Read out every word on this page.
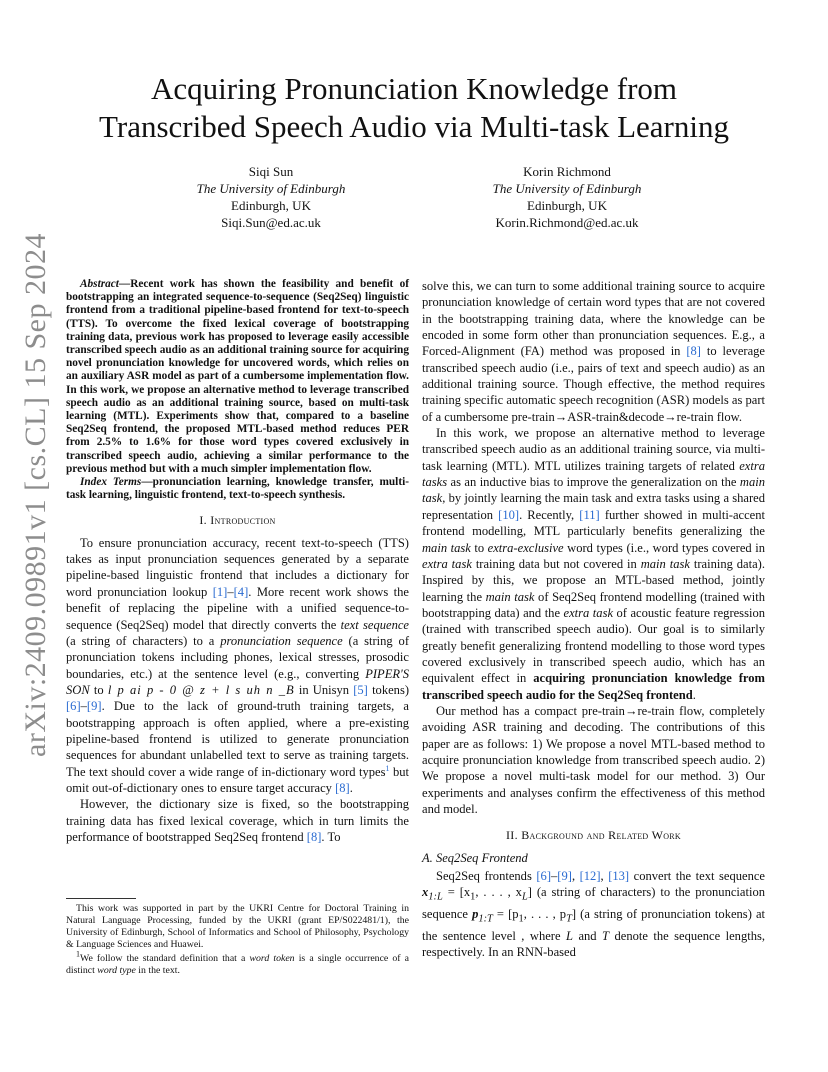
arXiv:2409.09891v1 [cs.CL] 15 Sep 2024
Acquiring Pronunciation Knowledge from
Transcribed Speech Audio via Multi-task Learning
Siqi Sun
The University of Edinburgh
Edinburgh, UK
Siqi.Sun@ed.ac.uk
Korin Richmond
The University of Edinburgh
Edinburgh, UK
Korin.Richmond@ed.ac.uk

Abstract—Recent work has shown the feasibility and benefit of bootstrapping an integrated sequence-to-sequence (Seq2Seq) linguistic frontend from a traditional pipeline-based frontend for text-to-speech (TTS). To overcome the fixed lexical coverage of bootstrapping training data, previous work has proposed to leverage easily accessible transcribed speech audio as an additional training source for acquiring novel pronunciation knowledge for uncovered words, which relies on an auxiliary ASR model as part of a cumbersome implementation flow. In this work, we propose an alternative method to leverage transcribed speech audio as an additional training source, based on multi-task learning (MTL). Experiments show that, compared to a baseline Seq2Seq frontend, the proposed MTL-based method reduces PER from 2.5% to 1.6% for those word types covered exclusively in transcribed speech audio, achieving a similar performance to the previous method but with a much simpler implementation flow.

Index Terms—pronunciation learning, knowledge transfer, multi-task learning, linguistic frontend, text-to-speech synthesis.

I. Introduction

To ensure pronunciation accuracy, recent text-to-speech (TTS) takes as input pronunciation sequences generated by a separate pipeline-based linguistic frontend that includes a dictionary for word pronunciation lookup [1]–[4]. More recent work shows the benefit of replacing the pipeline with a unified sequence-to-sequence (Seq2Seq) model that directly converts the text sequence (a string of characters) to a pronunciation sequence (a string of pronunciation tokens including phones, lexical stresses, prosodic boundaries, etc.) at the sentence level (e.g., converting PIPER'S SON to l p ai p - 0 @ z + l s uh n _B in Unisyn [5] tokens) [6]–[9]. Due to the lack of ground-truth training targets, a bootstrapping approach is often applied, where a pre-existing pipeline-based frontend is utilized to generate pronunciation sequences for abundant unlabelled text to serve as training targets. The text should cover a wide range of in-dictionary word types$^1$ but omit out-of-dictionary ones to ensure target accuracy [8].

However, the dictionary size is fixed, so the bootstrapping training data has fixed lexical coverage, which in turn limits the performance of bootstrapped Seq2Seq frontend [8]. To

This work was supported in part by the UKRI Centre for Doctoral Training in Natural Language Processing, funded by the UKRI (grant EP/S022481/1), the University of Edinburgh, School of Informatics and School of Philosophy, Psychology & Language Sciences and Huawei.

$^1$We follow the standard definition that a word token is a single occurrence of a distinct word type in the text.

solve this, we can turn to some additional training source to acquire pronunciation knowledge of certain word types that are not covered in the bootstrapping training data, where the knowledge can be encoded in some form other than pronunciation sequences. E.g., a Forced-Alignment (FA) method was proposed in [8] to leverage transcribed speech audio (i.e., pairs of text and speech audio) as an additional training source. Though effective, the method requires training specific automatic speech recognition (ASR) models as part of a cumbersome pre-train→ASR-train&decode→re-train flow.

In this work, we propose an alternative method to leverage transcribed speech audio as an additional training source, via multi-task learning (MTL). MTL utilizes training targets of related extra tasks as an inductive bias to improve the generalization on the main task, by jointly learning the main task and extra tasks using a shared representation [10]. Recently, [11] further showed in multi-accent frontend modelling, MTL particularly benefits generalizing the main task to extra-exclusive word types (i.e., word types covered in extra task training data but not covered in main task training data). Inspired by this, we propose an MTL-based method, jointly learning the main task of Seq2Seq frontend modelling (trained with bootstrapping data) and the extra task of acoustic feature regression (trained with transcribed speech audio). Our goal is to similarly greatly benefit generalizing frontend modelling to those word types covered exclusively in transcribed speech audio, which has an equivalent effect in acquiring pronunciation knowledge from transcribed speech audio for the Seq2Seq frontend.

Our method has a compact pre-train→re-train flow, completely avoiding ASR training and decoding. The contributions of this paper are as follows: 1) We propose a novel MTL-based method to acquire pronunciation knowledge from transcribed speech audio. 2) We propose a novel multi-task model for our method. 3) Our experiments and analyses confirm the effectiveness of this method and model.

II. Background and Related Work
A. Seq2Seq Frontend

Seq2Seq frontends [6]–[9], [12], [13] convert the text sequence $x_{1:L} = [x_1$, . . . , $x_L$] (a string of characters) to the pronunciation sequence $p_{1:T} = [p_1$, . . . , $p_T$] (a string of pronunciation tokens) at the sentence level , where L and T denote the sequence lengths, respectively. In an RNN-based
